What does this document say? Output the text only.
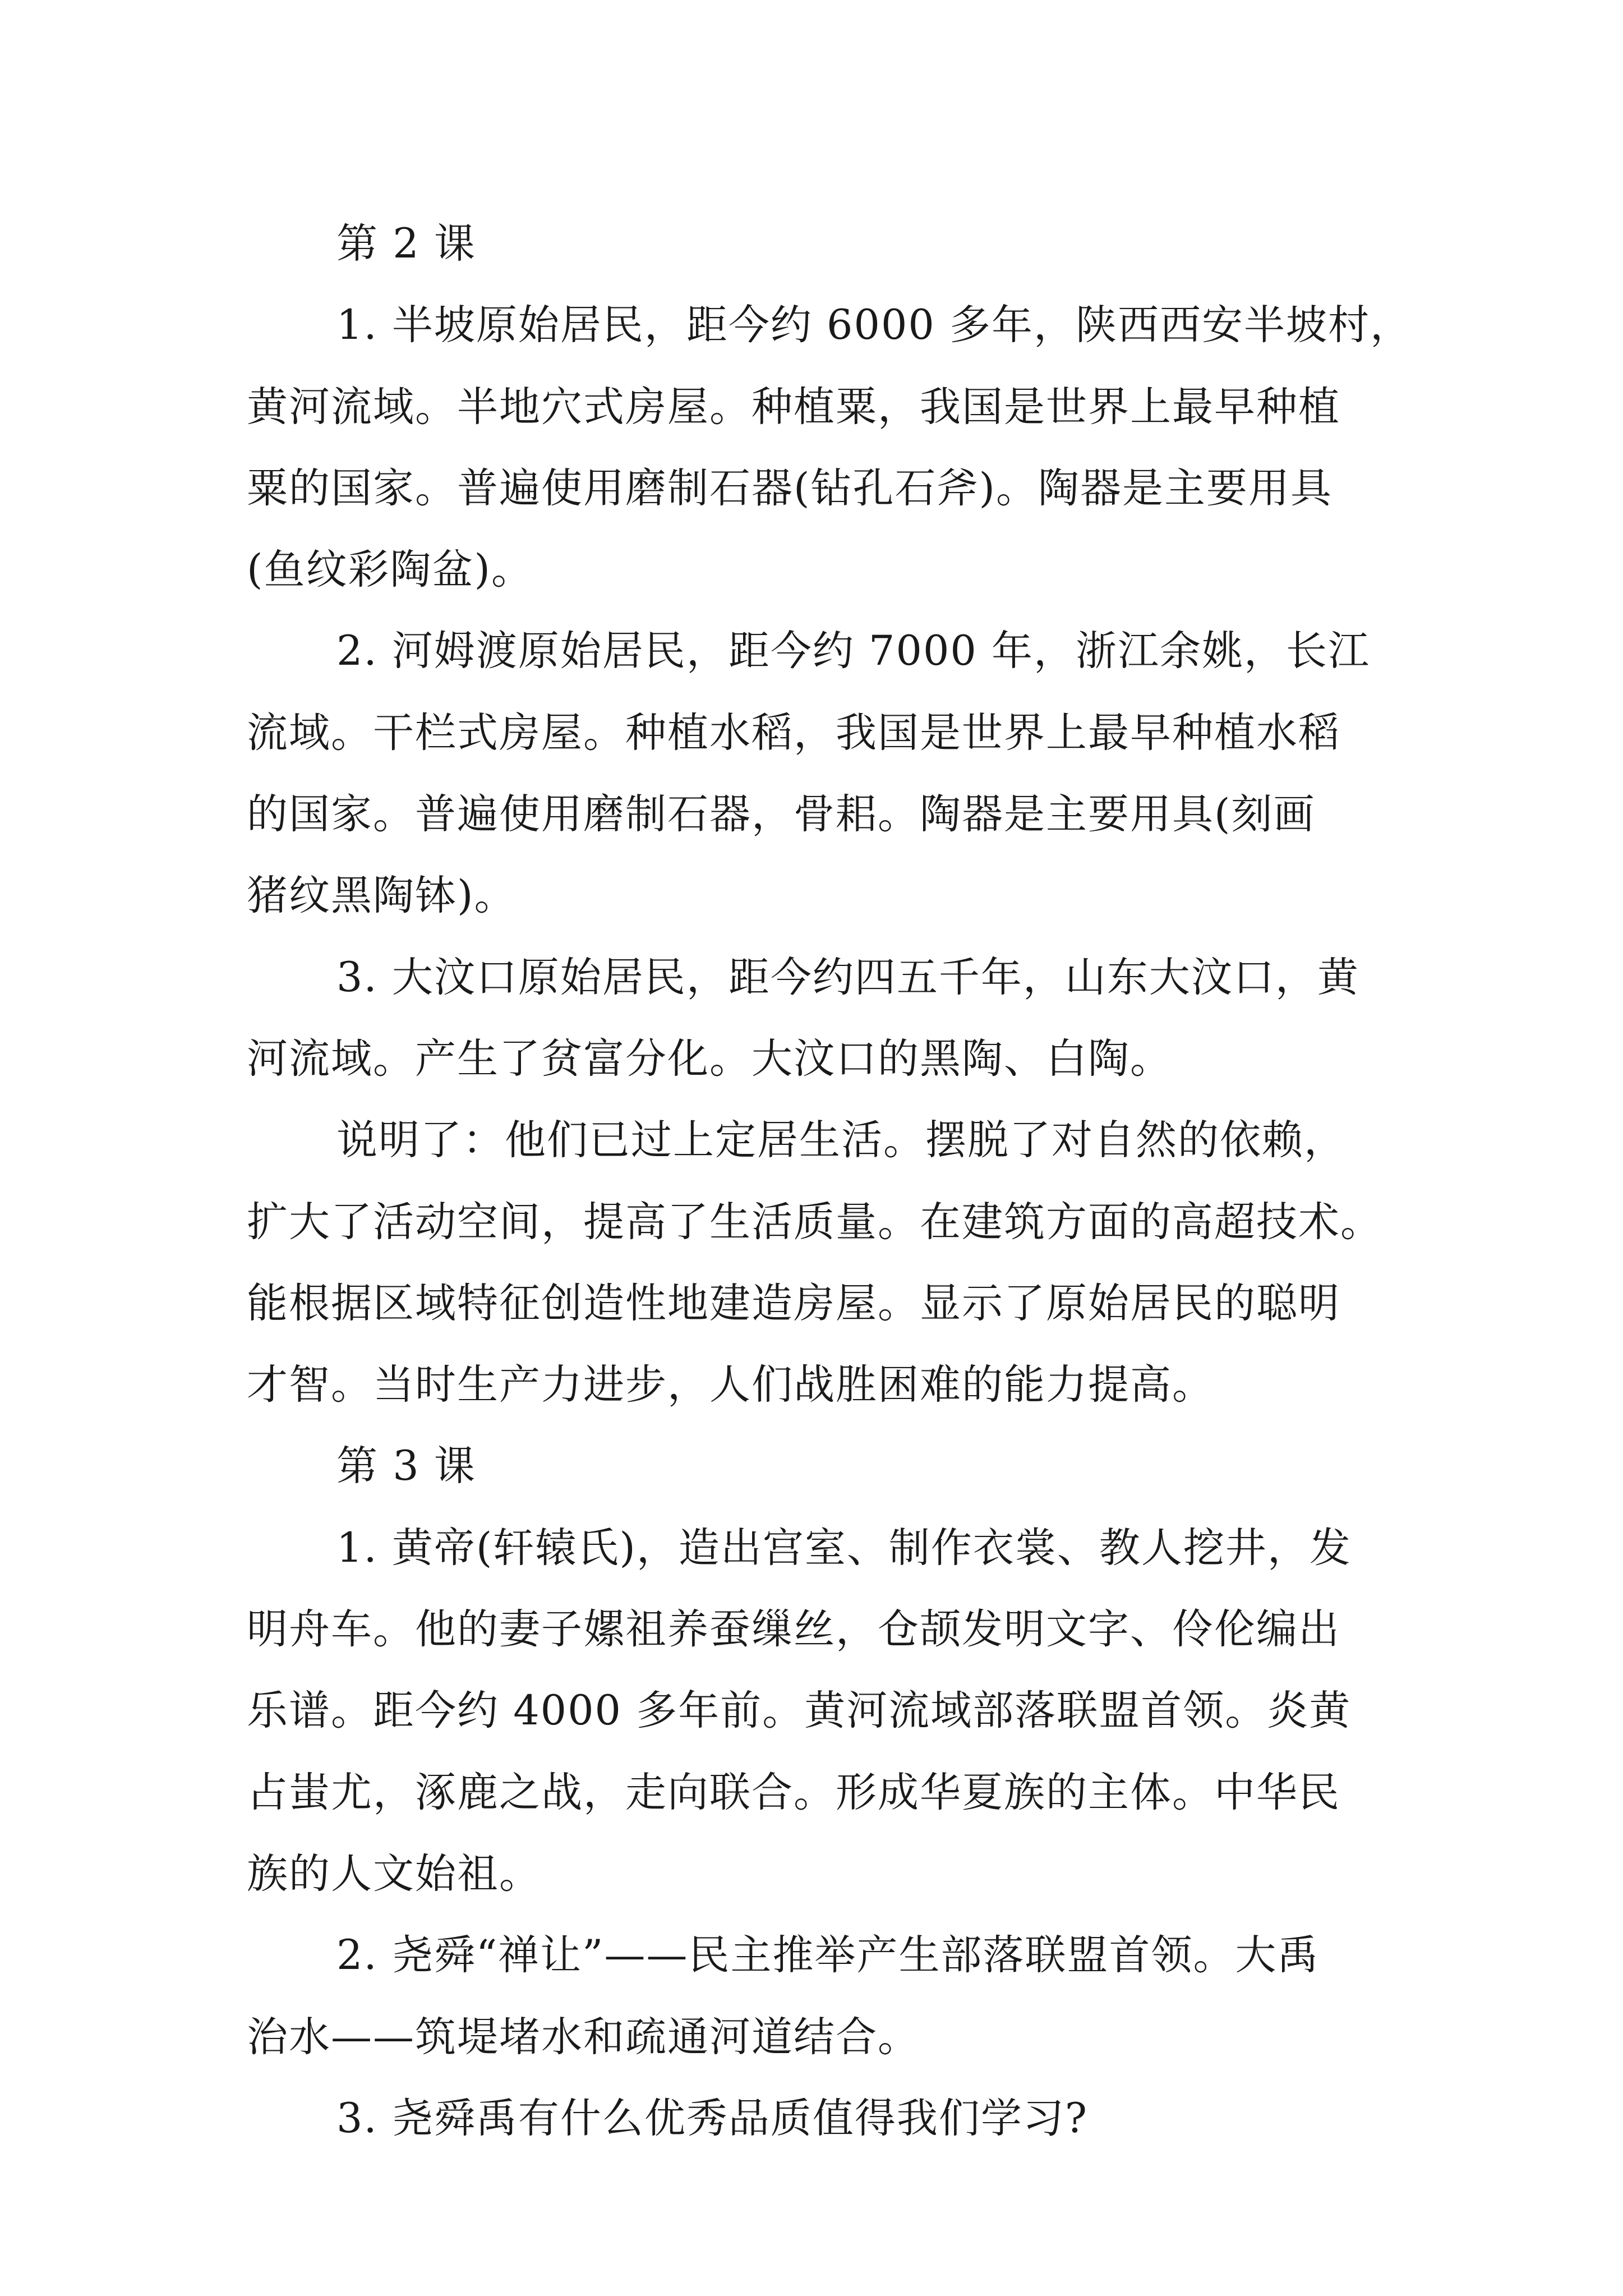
第 2 课
1. 半坡原始居民，距今约 6000 多年，陕西西安半坡村，
黄河流域。半地穴式房屋。种植粟，我国是世界上最早种植
粟的国家。普遍使用磨制石器(钻孔石斧)。陶器是主要用具
(鱼纹彩陶盆)。
2. 河姆渡原始居民，距今约 7000 年，浙江余姚，长江
流域。干栏式房屋。种植水稻，我国是世界上最早种植水稻
的国家。普遍使用磨制石器，骨耜。陶器是主要用具(刻画
猪纹黑陶钵)。
3. 大汶口原始居民，距今约四五千年，山东大汶口，黄
河流域。产生了贫富分化。大汶口的黑陶、白陶。
说明了：他们已过上定居生活。摆脱了对自然的依赖，
扩大了活动空间，提高了生活质量。在建筑方面的高超技术。
能根据区域特征创造性地建造房屋。显示了原始居民的聪明
才智。当时生产力进步，人们战胜困难的能力提高。
第 3 课
1. 黄帝(轩辕氏)，造出宫室、制作衣裳、教人挖井，发
明舟车。他的妻子嫘祖养蚕缫丝，仓颉发明文字、伶伦编出
乐谱。距今约 4000 多年前。黄河流域部落联盟首领。炎黄
占蚩尤，涿鹿之战，走向联合。形成华夏族的主体。中华民
族的人文始祖。
2. 尧舜“禅让”——民主推举产生部落联盟首领。大禹
治水——筑堤堵水和疏通河道结合。
3. 尧舜禹有什么优秀品质值得我们学习?
